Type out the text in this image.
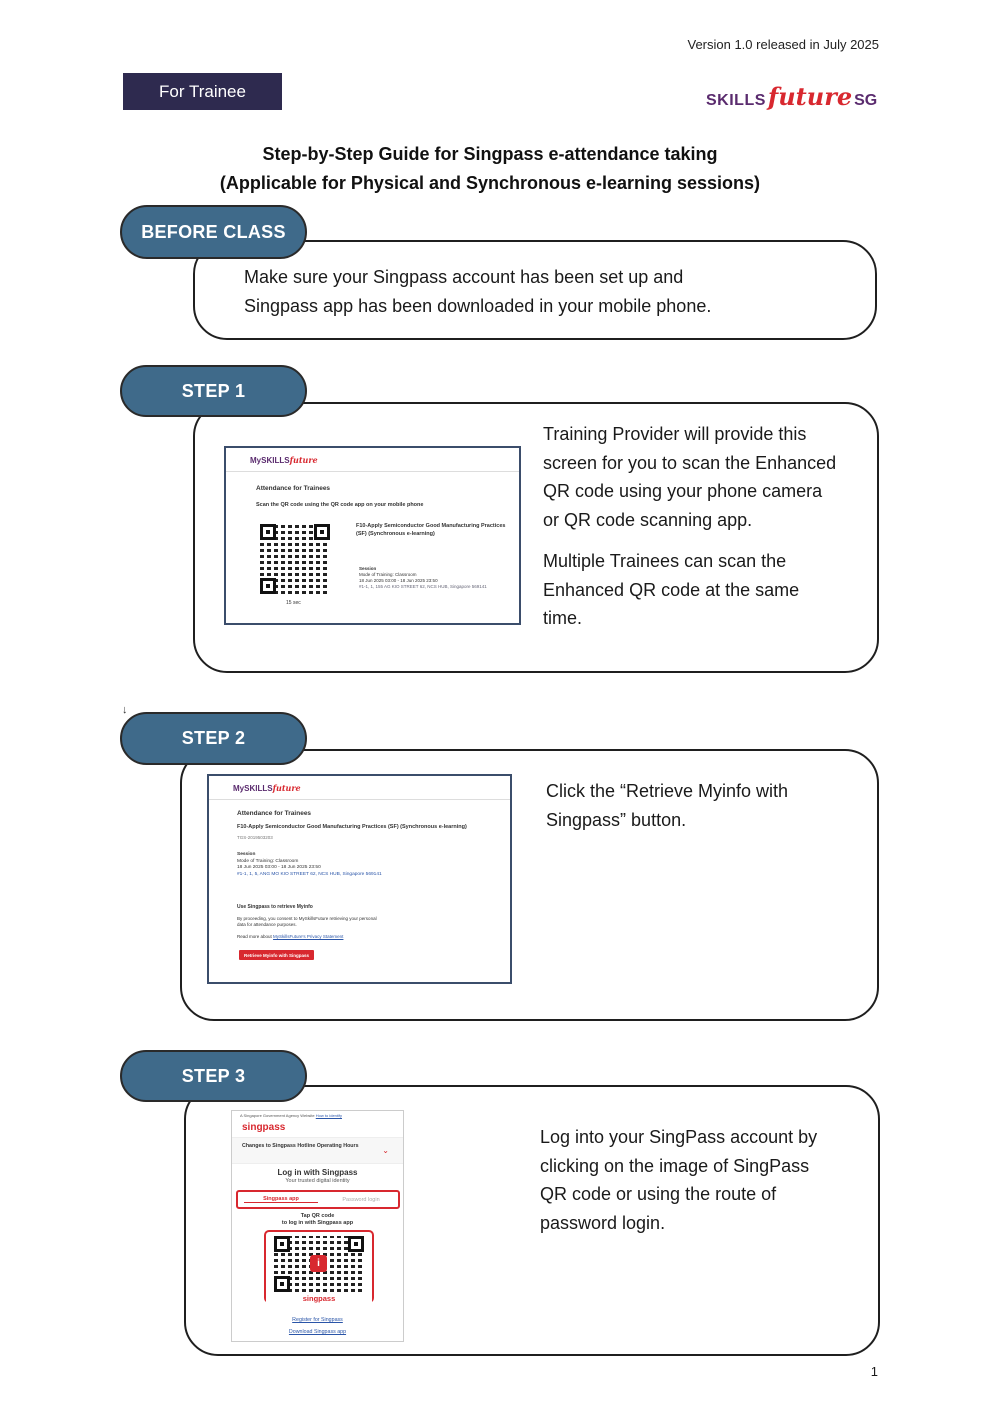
Version 1.0 released in July 2025
For Trainee	SKILLS future SG
Step-by-Step Guide for Singpass e-attendance taking
(Applicable for Physical and Synchronous e-learning sessions)
BEFORE CLASS
Make sure your Singpass account has been set up and
Singpass app has been downloaded in your mobile phone.
STEP 1
MySKILLSfuture
Attendance for Trainees
Scan the QR code using the QR code app on your mobile phone
F10-Apply Semiconductor Good Manufacturing Practices (SF) (Synchronous e-learning)
15 sec
Session
Mode of Training: Classroom
18 Jun 2025 03:00 - 18 Jun 2025 23:50
#1-1, 1, 155 AG KIO STREET 62, NCS HUB, Singapore 569141

Training Provider will provide this screen for you to scan the Enhanced QR code using your phone camera or QR code scanning app.

Multiple Trainees can scan the Enhanced QR code at the same time.

↓
STEP 2
MySKILLSfuture
Attendance for Trainees
F10-Apply Semiconductor Good Manufacturing Practices (SF) (Synchronous e-learning)
TGS-2019503203
Session
Mode of Training: Classroom
18 Jun 2025 03:00 - 18 Jun 2025 23:50
#1-1, 1, 5, ANG MO KIO STREET 62, NCS HUB, Singapore 569141
Use Singpass to retrieve Myinfo
By proceeding, you consent to MySkillsFuture retrieving your personal
data for attendance purposes.
Read more about MySkillsFuture's Privacy Statement
Retrieve Myinfo with Singpass
Click the “Retrieve Myinfo with Singpass” button.
STEP 3
A Singapore Government Agency Website How to identify
singpass
Changes to Singpass Hotline Operating Hours	⌄
Log in with Singpass
Your trusted digital identity
Singpass app	Password login
Tap QR code
to log in with Singpass app
i
singpass
Register for Singpass
Download Singpass app
Log into your SingPass account by clicking on the image of SingPass QR code or using the route of password login.
1
